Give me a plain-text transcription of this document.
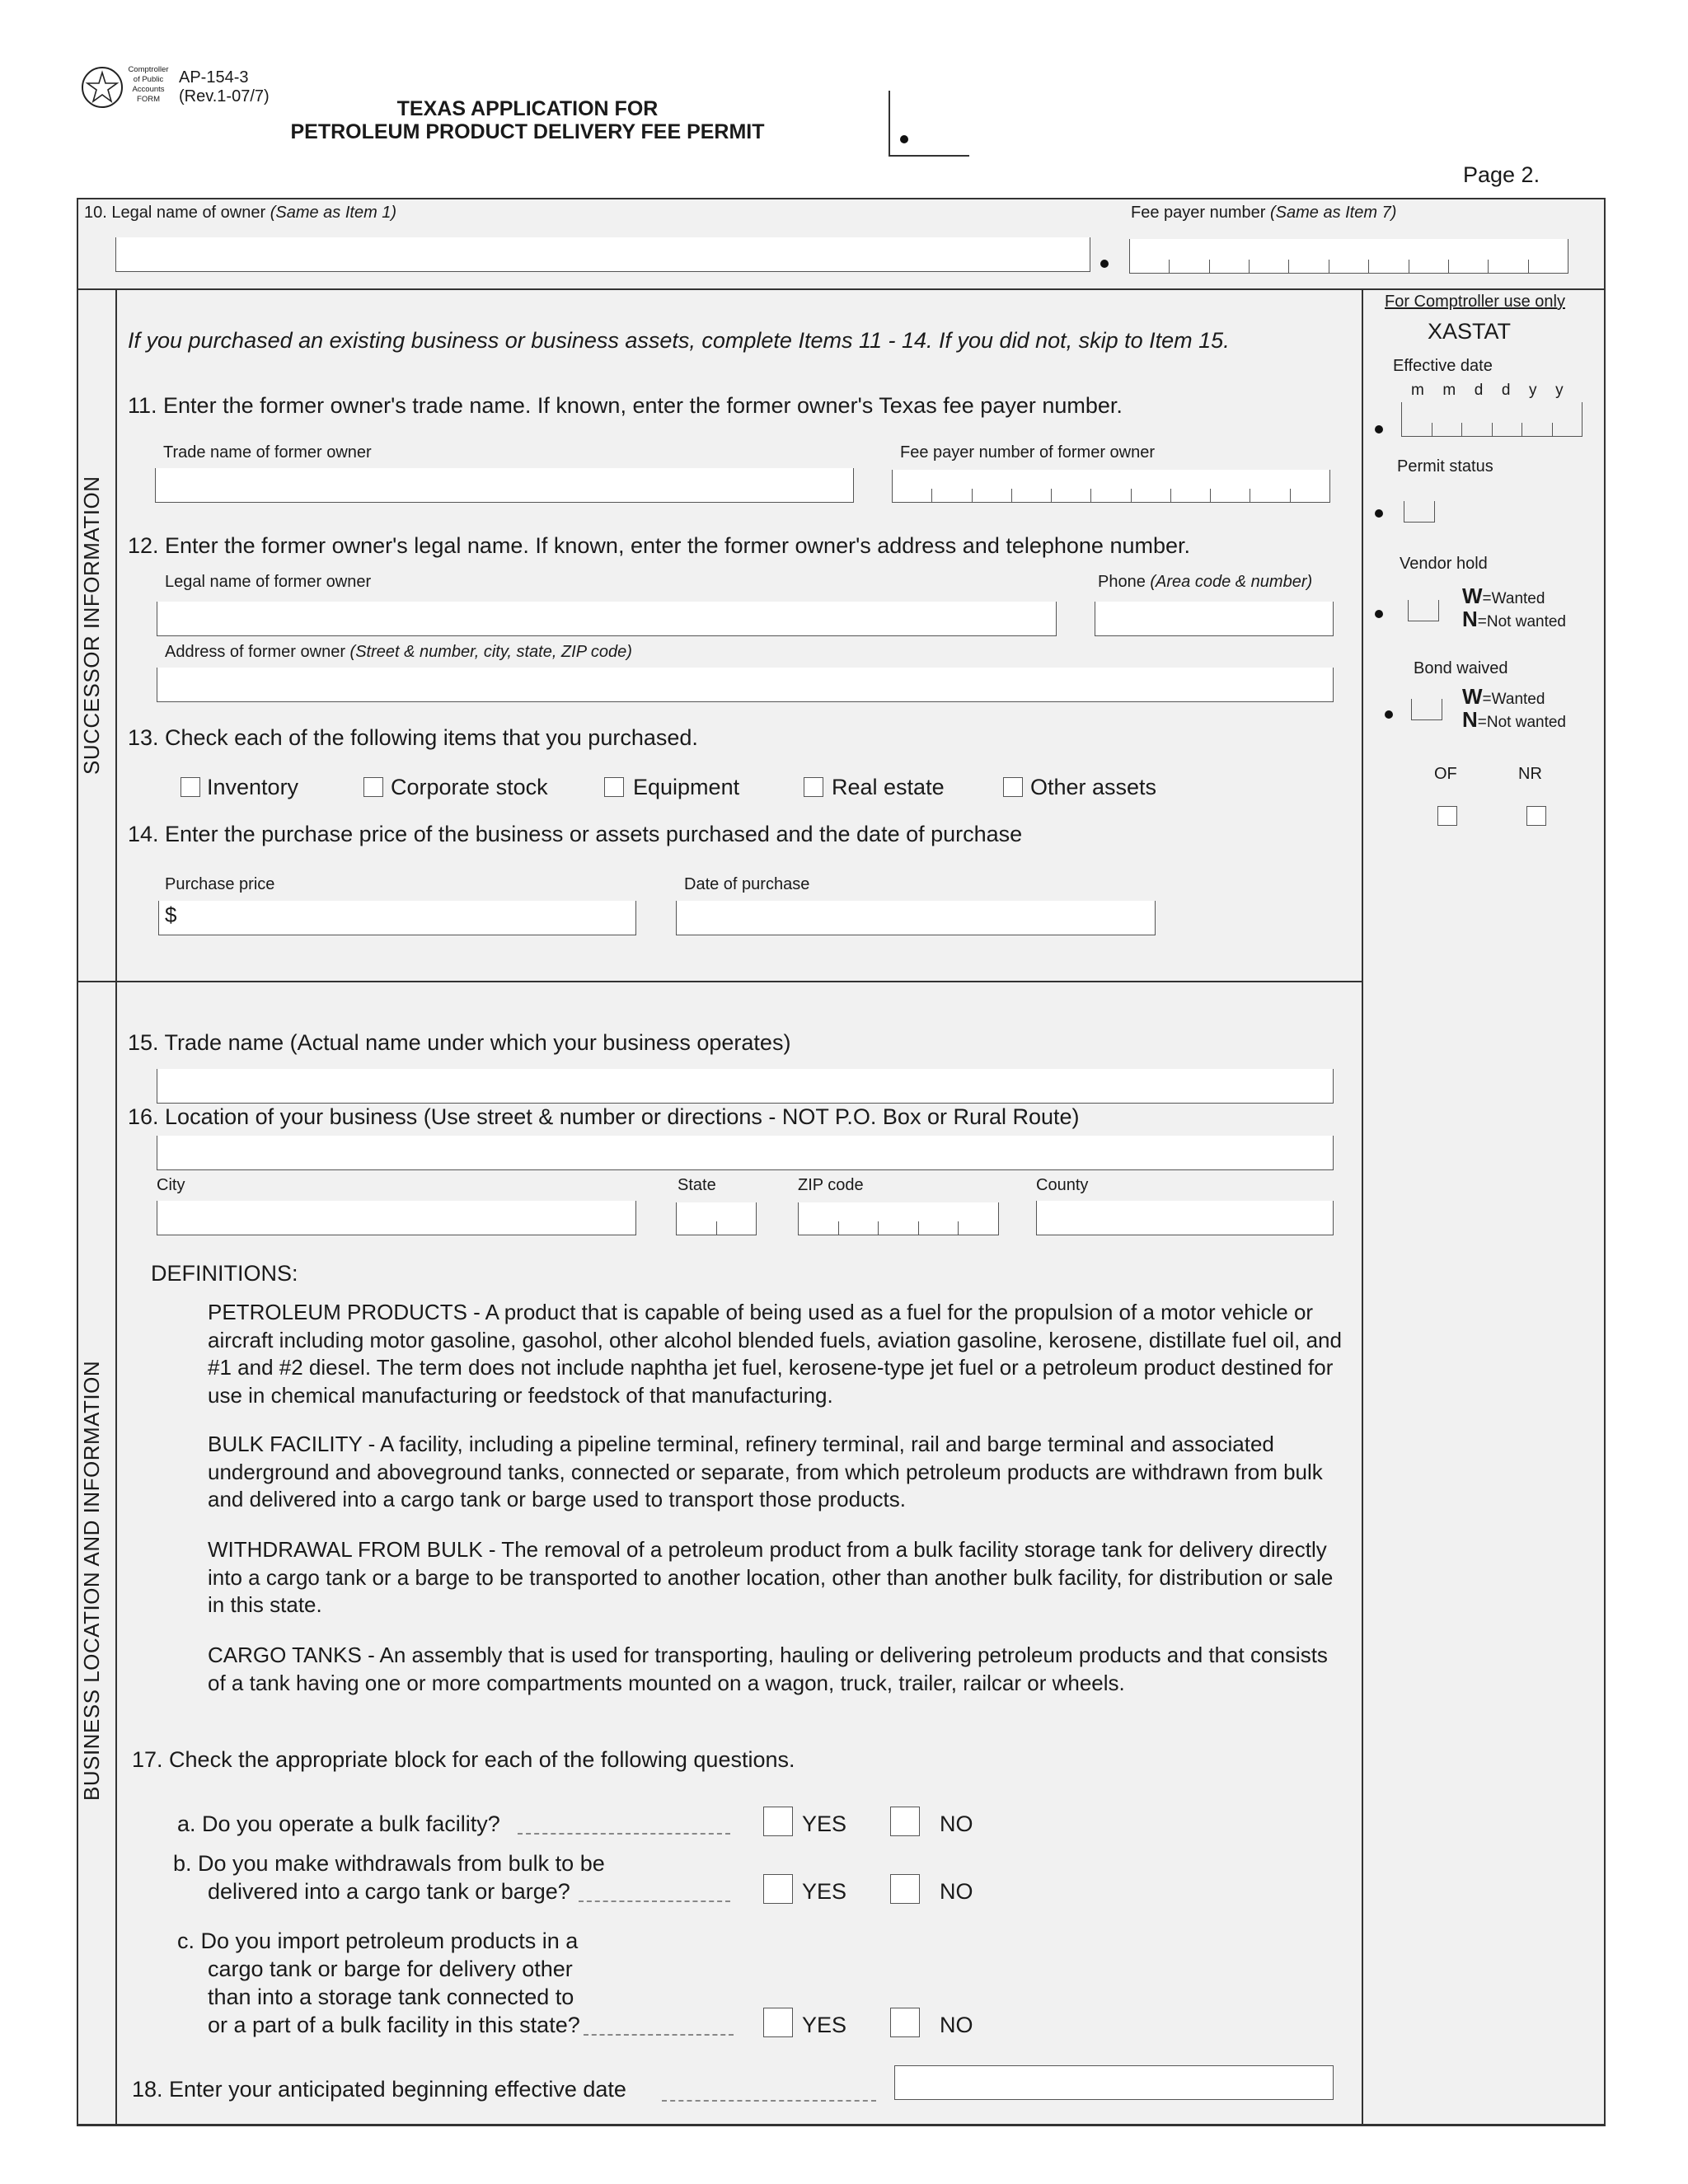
Comptroller
of Public
Accounts
FORM
AP-154-3
(Rev.1-07/7)
TEXAS APPLICATION FOR
PETROLEUM PRODUCT DELIVERY FEE PERMIT
Page 2.
10. Legal name of owner (Same as Item 1)	Fee payer number (Same as Item 7)
SUCCESSOR INFORMATION
BUSINESS LOCATION AND INFORMATION
For Comptroller use only
XASTAT
Effective date
m  m  d  d  y  y
Permit status
Vendor hold
W=Wanted
N=Not wanted
Bond waived
W=Wanted
N=Not wanted
OF	NR
If you purchased an existing business or business assets, complete Items 11 - 14. If you did not, skip to Item 15.
11. Enter the former owner's trade name. If known, enter the former owner's Texas fee payer number.
Trade name of former owner	Fee payer number of former owner
12. Enter the former owner's legal name. If known, enter the former owner's address and telephone number.
Legal name of former owner	Phone (Area code & number)
Address of former owner (Street & number, city, state, ZIP code)
13. Check each of the following items that you purchased.
Inventory	Corporate stock	Equipment	Real estate	Other assets
14. Enter the purchase price of the business or assets purchased and the date of purchase
Purchase price	Date of purchase
$
15. Trade name (Actual name under which your business operates)
16. Location of your business (Use street & number or directions - NOT P.O. Box or Rural Route)
City	State	ZIP code	County
DEFINITIONS:
PETROLEUM PRODUCTS - A product that is capable of being used as a fuel for the propulsion of a motor vehicle or aircraft including motor gasoline, gasohol, other alcohol blended fuels, aviation gasoline, kerosene, distillate fuel oil, and #1 and #2 diesel. The term does not include naphtha jet fuel, kerosene-type jet fuel or a petroleum product destined for use in chemical manufacturing or feedstock of that manufacturing.
BULK FACILITY - A facility, including a pipeline terminal, refinery terminal, rail and barge terminal and associated underground and aboveground tanks, connected or separate, from which petroleum products are withdrawn from bulk and delivered into a cargo tank or barge used to transport those products.
WITHDRAWAL FROM BULK - The removal of a petroleum product from a bulk facility storage tank for delivery directly into a cargo tank or a barge to be transported to another location, other than another bulk facility, for distribution or sale in this state.
CARGO TANKS - An assembly that is used for transporting, hauling or delivering petroleum products and that consists of a tank having one or more compartments mounted on a wagon, truck, trailer, railcar or wheels.
17. Check the appropriate block for each of the following questions.
a. Do you operate a bulk facility?	YES	NO
b. Do you make withdrawals from bulk to be
delivered into a cargo tank or barge?	YES	NO
c. Do you import petroleum products in a
cargo tank or barge for delivery other
than into a storage tank connected to
or a part of a bulk facility in this state?	YES	NO
18. Enter your anticipated beginning effective date
